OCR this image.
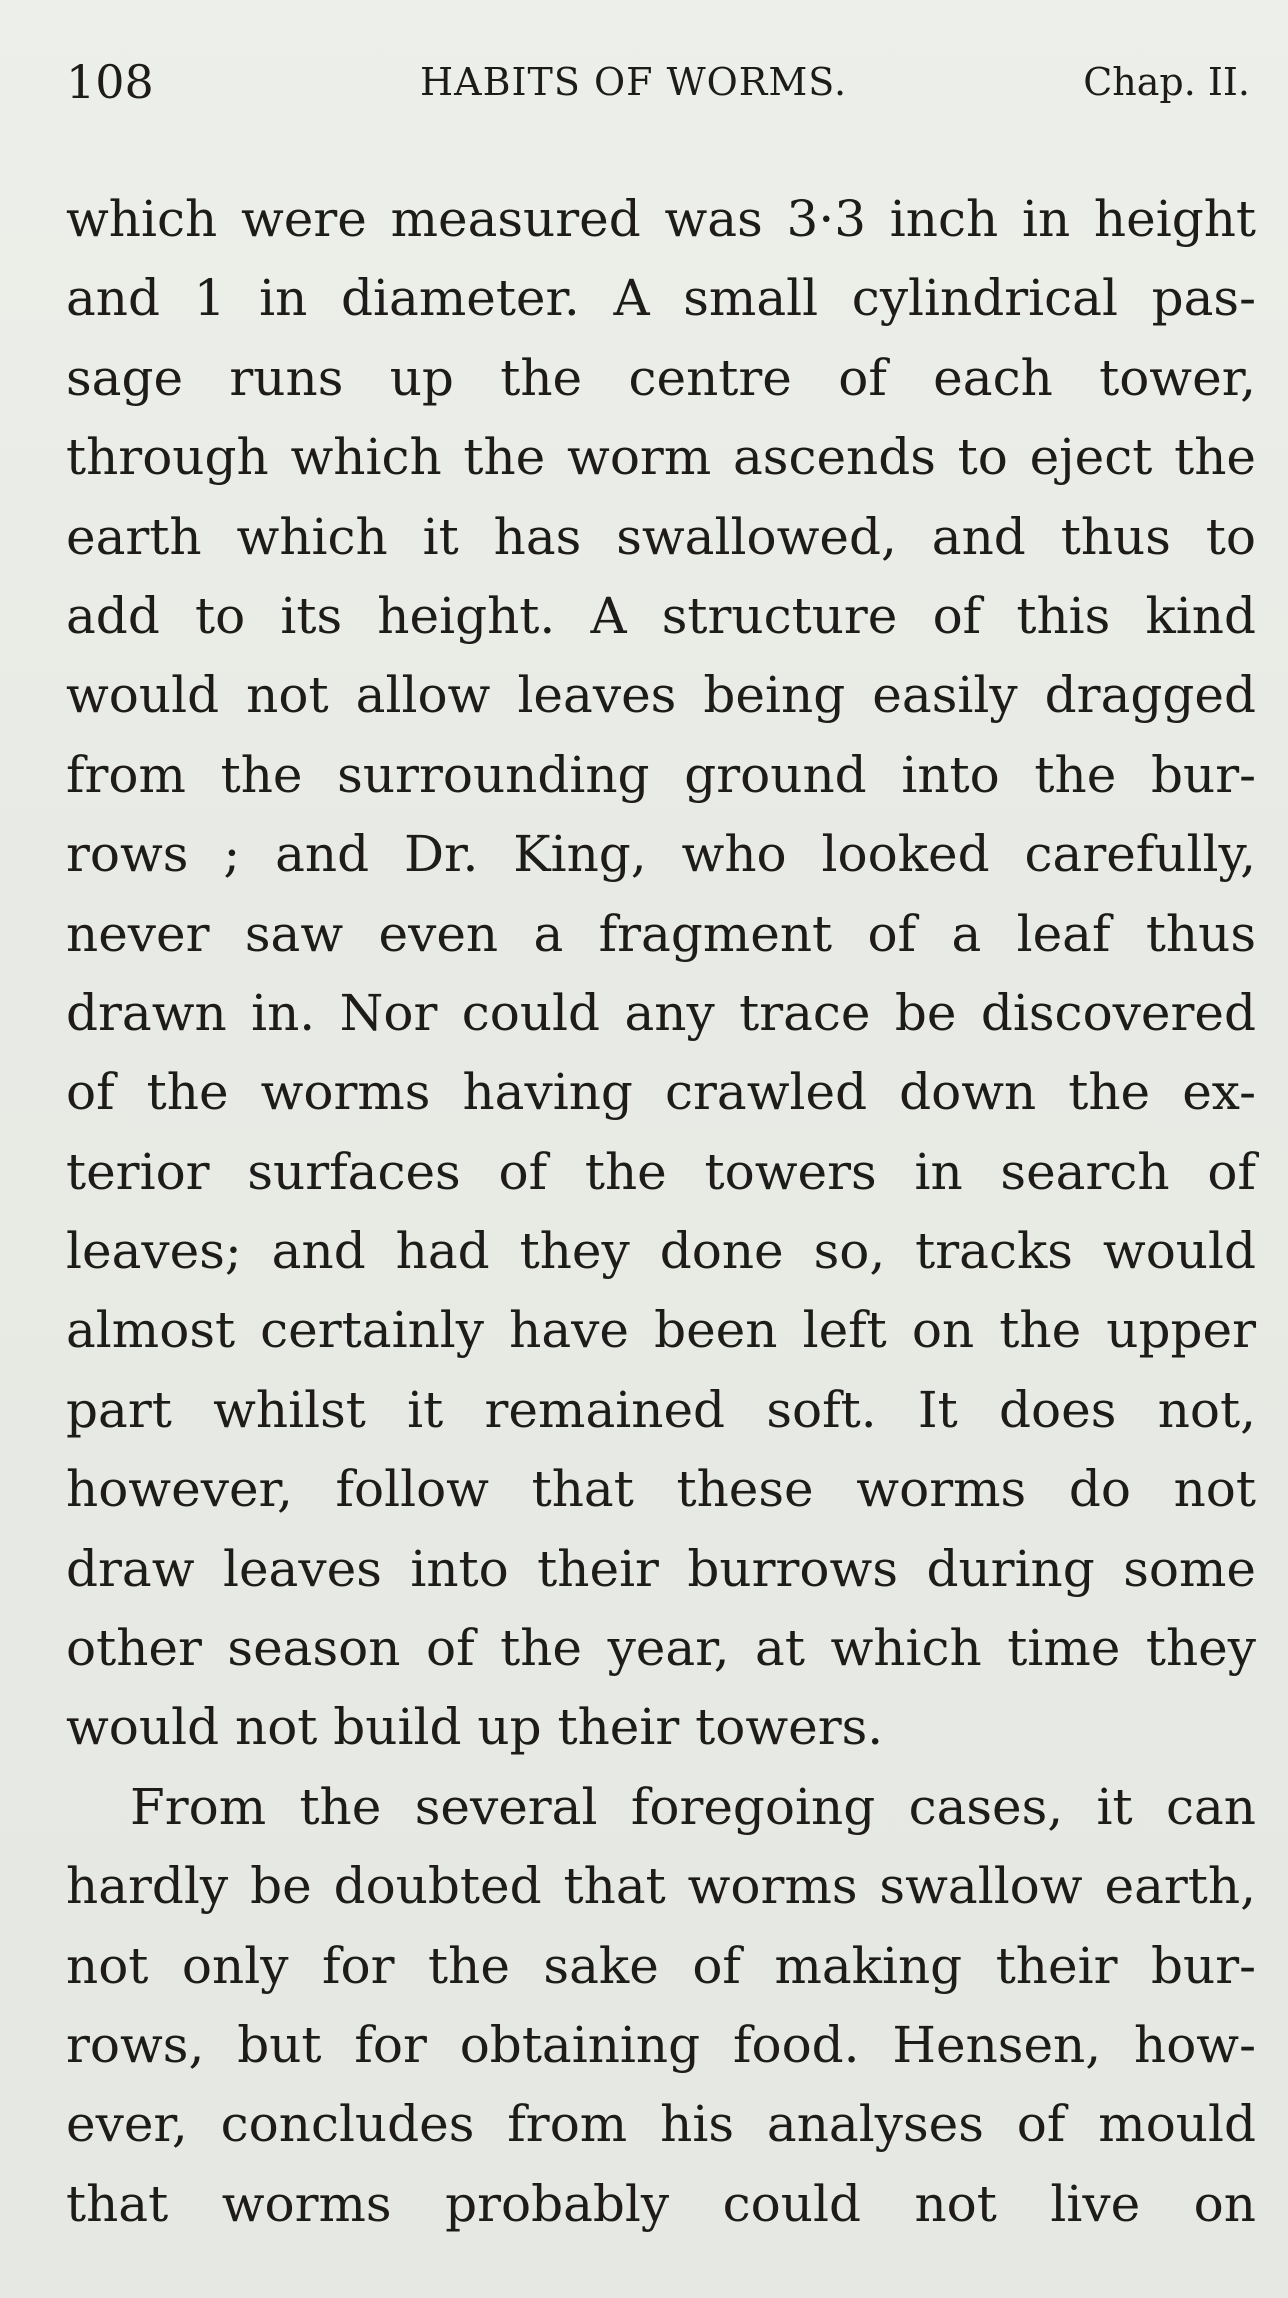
108	HABITS OF WORMS.	Chap. II.
which were measured was 3·3 inch in height
and 1 in diameter. A small cylindrical pas-
sage runs up the centre of each tower,
through which the worm ascends to eject the
earth which it has swallowed, and thus to
add to its height. A structure of this kind
would not allow leaves being easily dragged
from the surrounding ground into the bur-
rows ; and Dr. King, who looked carefully,
never saw even a fragment of a leaf thus
drawn in. Nor could any trace be discovered
of the worms having crawled down the ex-
terior surfaces of the towers in search of
leaves; and had they done so, tracks would
almost certainly have been left on the upper
part whilst it remained soft. It does not,
however, follow that these worms do not
draw leaves into their burrows during some
other season of the year, at which time they
would not build up their towers.
From the several foregoing cases, it can
hardly be doubted that worms swallow earth,
not only for the sake of making their bur-
rows, but for obtaining food. Hensen, how-
ever, concludes from his analyses of mould
that worms probably could not live on
